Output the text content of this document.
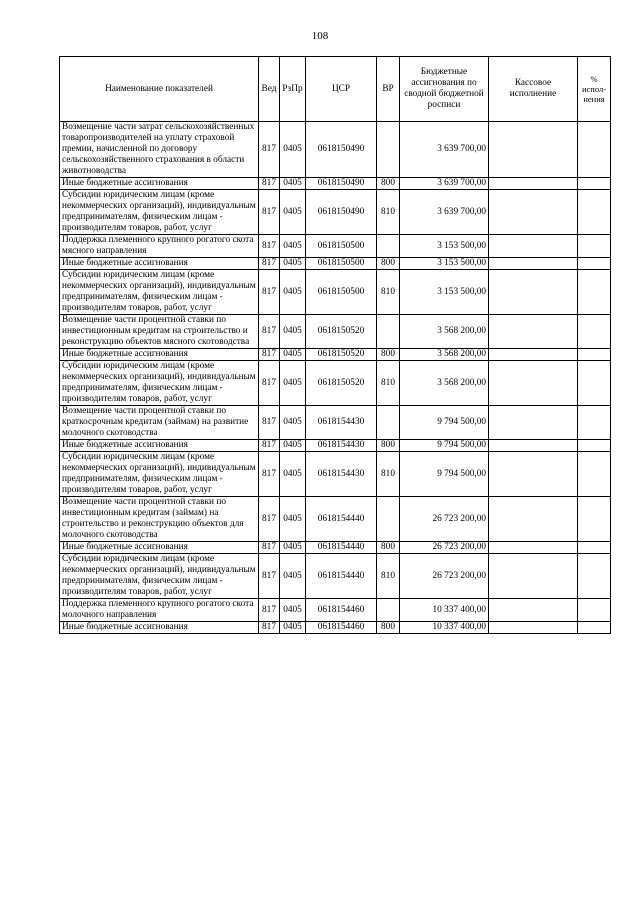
108
Наименование показателей	Вед	РзПр	ЦСР	ВР	Бюджетные ассигнования по сводной бюджетной росписи	Кассовое исполнение	% испол-нения
Возмещение части затрат сельскохозяйственных товаропроизводителей на уплату страховой премии, начисленной по договору сельскохозяйственного страхования в области животноводства	817	0405	0618150490		3 639 700,00		
Иные бюджетные ассигнования	817	0405	0618150490	800	3 639 700,00		
Субсидии юридическим лицам (кроме некоммерческих организаций), индивидуальным предпринимателям, физическим лицам - производителям товаров, работ, услуг	817	0405	0618150490	810	3 639 700,00		
Поддержка племенного крупного рогатого скота мясного направления	817	0405	0618150500		3 153 500,00		
Иные бюджетные ассигнования	817	0405	0618150500	800	3 153 500,00		
Субсидии юридическим лицам (кроме некоммерческих организаций), индивидуальным предпринимателям, физическим лицам - производителям товаров, работ, услуг	817	0405	0618150500	810	3 153 500,00		
Возмещение части процентной ставки по инвестиционным кредитам на строительство и реконструкцию объектов мясного скотоводства	817	0405	0618150520		3 568 200,00		
Иные бюджетные ассигнования	817	0405	0618150520	800	3 568 200,00		
Субсидии юридическим лицам (кроме некоммерческих организаций), индивидуальным предпринимателям, физическим лицам - производителям товаров, работ, услуг	817	0405	0618150520	810	3 568 200,00		
Возмещение части процентной ставки по краткосрочным кредитам (займам) на развитие молочного скотоводства	817	0405	0618154430		9 794 500,00		
Иные бюджетные ассигнования	817	0405	0618154430	800	9 794 500,00		
Субсидии юридическим лицам (кроме некоммерческих организаций), индивидуальным предпринимателям, физическим лицам - производителям товаров, работ, услуг	817	0405	0618154430	810	9 794 500,00		
Возмещение части процентной ставки по инвестиционным кредитам (займам) на строительство и реконструкцию объектов для молочного скотоводства	817	0405	0618154440		26 723 200,00		
Иные бюджетные ассигнования	817	0405	0618154440	800	26 723 200,00		
Субсидии юридическим лицам (кроме некоммерческих организаций), индивидуальным предпринимателям, физическим лицам - производителям товаров, работ, услуг	817	0405	0618154440	810	26 723 200,00		
Поддержка племенного крупного рогатого скота молочного направления	817	0405	0618154460		10 337 400,00		
Иные бюджетные ассигнования	817	0405	0618154460	800	10 337 400,00		
